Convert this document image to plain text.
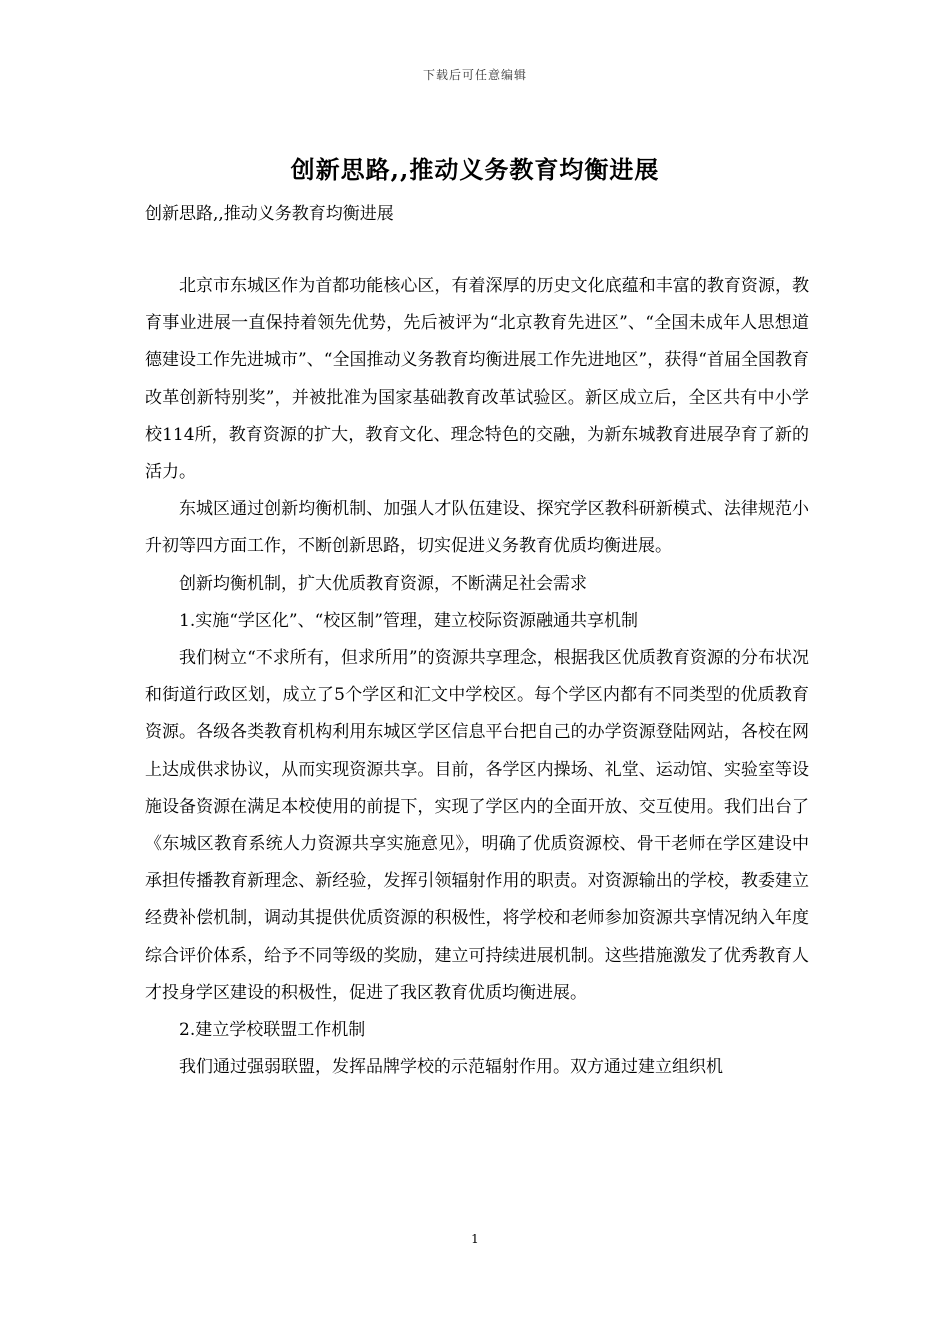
下载后可任意编辑
创新思路,,推动义务教育均衡进展

创新思路,,推动义务教育均衡进展

北京市东城区作为首都功能核心区，有着深厚的历史文化底蕴和丰富的教育资源，教育事业进展一直保持着领先优势，先后被评为“北京教育先进区”、“全国未成年人思想道德建设工作先进城市”、“全国推动义务教育均衡进展工作先进地区”，获得“首届全国教育改革创新特别奖”，并被批准为国家基础教育改革试验区。新区成立后，全区共有中小学校114所，教育资源的扩大，教育文化、理念特色的交融，为新东城教育进展孕育了新的活力。

东城区通过创新均衡机制、加强人才队伍建设、探究学区教科研新模式、法律规范小升初等四方面工作，不断创新思路，切实促进义务教育优质均衡进展。

创新均衡机制，扩大优质教育资源，不断满足社会需求

1.实施“学区化”、“校区制”管理，建立校际资源融通共享机制

我们树立“不求所有，但求所用”的资源共享理念，根据我区优质教育资源的分布状况和街道行政区划，成立了5个学区和汇文中学校区。每个学区内都有不同类型的优质教育资源。各级各类教育机构利用东城区学区信息平台把自己的办学资源登陆网站，各校在网上达成供求协议，从而实现资源共享。目前，各学区内操场、礼堂、运动馆、实验室等设施设备资源在满足本校使用的前提下，实现了学区内的全面开放、交互使用。我们出台了《东城区教育系统人力资源共享实施意见》，明确了优质资源校、骨干老师在学区建设中承担传播教育新理念、新经验，发挥引领辐射作用的职责。对资源输出的学校，教委建立经费补偿机制，调动其提供优质资源的积极性，将学校和老师参加资源共享情况纳入年度综合评价体系，给予不同等级的奖励，建立可持续进展机制。这些措施激发了优秀教育人才投身学区建设的积极性，促进了我区教育优质均衡进展。

2.建立学校联盟工作机制

我们通过强弱联盟，发挥品牌学校的示范辐射作用。双方通过建立组织机

1
